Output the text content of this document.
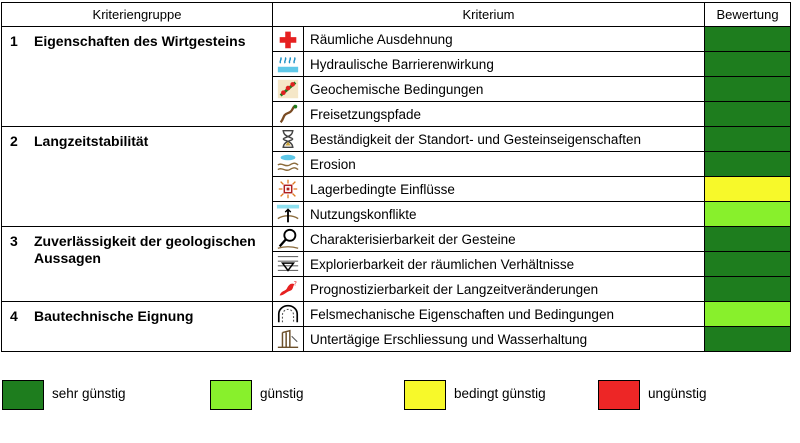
Kriteriengruppe	Kriterium		Bewertung
1 Eigenschaften des Wirtgesteins		Räumliche Ausdehnung	

	Hydraulische Barrierenwirkung	

	Geochemische Bedingungen	

	Freisetzungspfade	
2 Langzeitstabilität		Beständigkeit der Standort- und Gesteinseigenschaften	

	Erosion	

	Lagerbedingte Einflüsse	

	Nutzungskonflikte	
3 Zuverlässigkeit der geologischen Aussagen		Charakterisierbarkeit der Gesteine	

	Explorierbarkeit der räumlichen Verhältnisse	

?	Prognostizierbarkeit der Langzeitveränderungen	
4 Bautechnische Eignung		Felsmechanische Eigenschaften und Bedingungen	

	Untertägige Erschliessung und Wasserhaltung	
sehr günstig	günstig	bedingt günstig	ungünstig
